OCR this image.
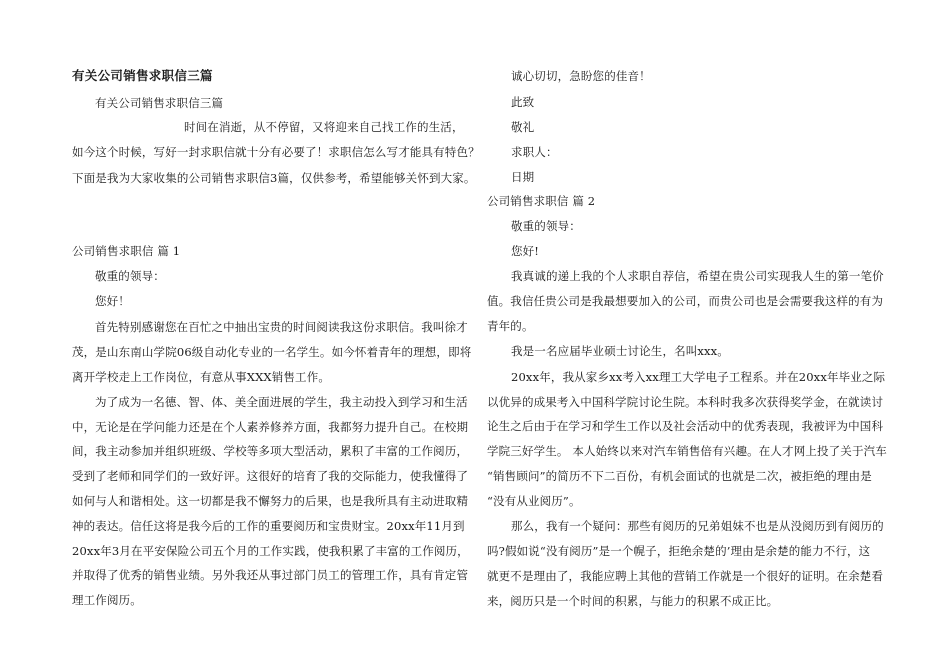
有关公司销售求职信三篇
有关公司销售求职信三篇
时间在消逝，从不停留，又将迎来自己找工作的生活，
如今这个时候，写好一封求职信就十分有必要了！求职信怎么写才能具有特色？
下面是我为大家收集的公司销售求职信3篇，仅供参考，希望能够关怀到大家。
公司销售求职信 篇 1
敬重的领导：
您好！
首先特别感谢您在百忙之中抽出宝贵的时间阅读我这份求职信。我叫徐才
茂，是山东南山学院06级自动化专业的一名学生。如今怀着青年的理想，即将
离开学校走上工作岗位，有意从事XXX销售工作。
为了成为一名德、智、体、美全面进展的学生，我主动投入到学习和生活
中，无论是在学问能力还是在个人素养修养方面，我都努力提升自己。在校期
间，我主动参加并组织班级、学校等多项大型活动，累积了丰富的工作阅历，
受到了老师和同学们的一致好评。这很好的培育了我的交际能力，使我懂得了
如何与人和谐相处。这一切都是我不懈努力的后果，也是我所具有主动进取精
神的表达。信任这将是我今后的工作的重要阅历和宝贵财宝。20xx年11月到
20xx年3月在平安保险公司五个月的工作实践，使我积累了丰富的工作阅历，
并取得了优秀的销售业绩。另外我还从事过部门员工的管理工作，具有肯定管
理工作阅历。
诚心切切，急盼您的佳音！
此致
敬礼
求职人：
日期
公司销售求职信 篇 2
敬重的领导：
您好!
我真诚的递上我的个人求职自荐信，希望在贵公司实现我人生的第一笔价
值。我信任贵公司是我最想要加入的公司，而贵公司也是会需要我这样的有为
青年的。
我是一名应届毕业硕士讨论生，名叫xxx。
20xx年，我从家乡xx考入xx理工大学电子工程系。并在20xx年毕业之际
以优异的成果考入中国科学院讨论生院。本科时我多次获得奖学金，在就读讨
论生之后由于在学习和学生工作以及社会活动中的优秀表现，我被评为中国科
学院三好学生。 本人始终以来对汽车销售倍有兴趣。在人才网上投了关于汽车
“销售顾问”的简历不下二百份，有机会面试的也就是二次，被拒绝的理由是
“没有从业阅历”。
那么，我有一个疑问：那些有阅历的兄弟姐妹不也是从没阅历到有阅历的
吗?假如说“没有阅历”是一个幌子，拒绝余楚的’理由是余楚的能力不行，这
就更不是理由了，我能应聘上其他的营销工作就是一个很好的证明。在余楚看
来，阅历只是一个时间的积累，与能力的积累不成正比。
